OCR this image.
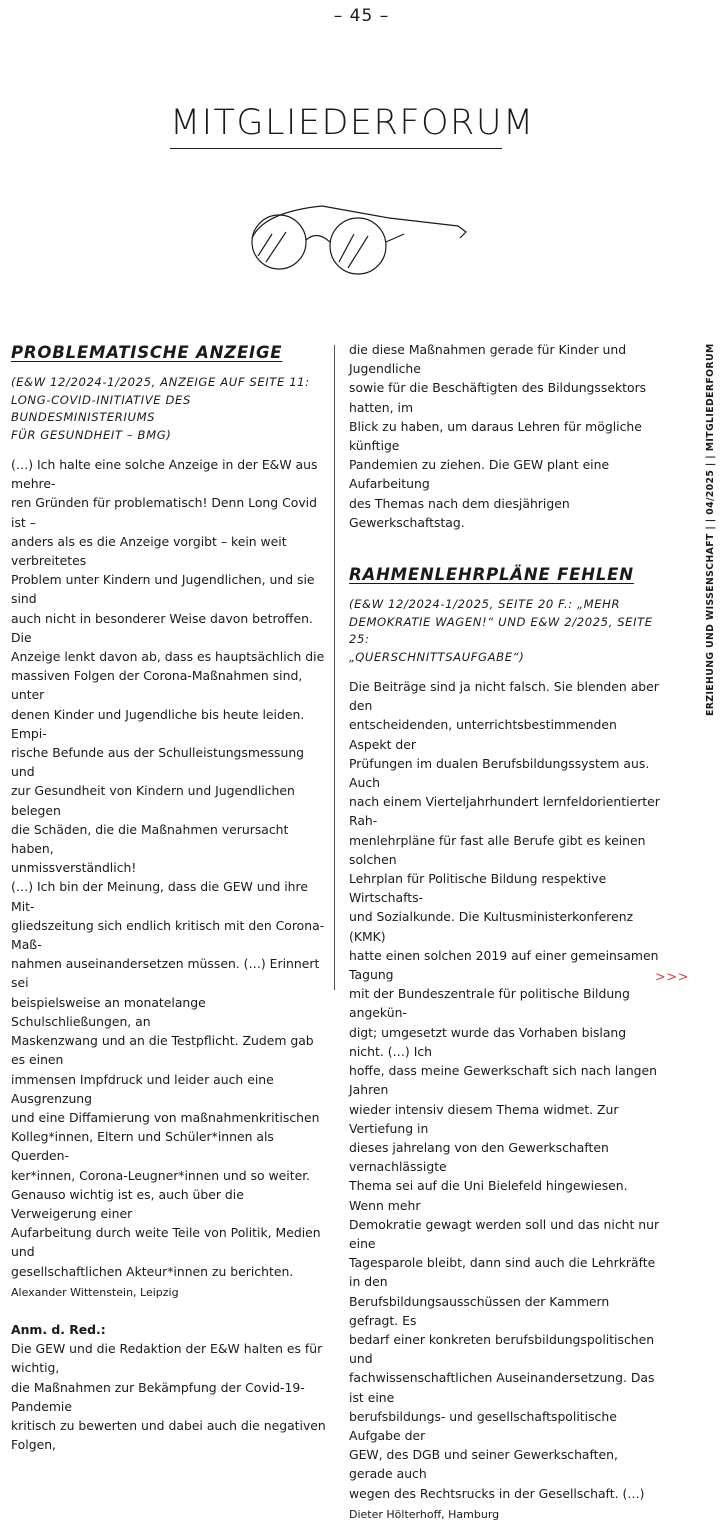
– 45 –
MITGLIEDERFORUM
PROBLEMATISCHE ANZEIGE

(E&W 12/2024-1/2025, ANZEIGE AUF SEITE 11:
LONG-COVID-INITIATIVE DES BUNDESMINISTERIUMS
FÜR GESUNDHEIT – BMG)

(…) Ich halte eine solche Anzeige in der E&W aus mehre-
ren Gründen für problematisch! Denn Long Covid ist –
anders als es die Anzeige vorgibt – kein weit verbreitetes
Problem unter Kindern und Jugendlichen, und sie sind
auch nicht in besonderer Weise davon betroffen. Die
Anzeige lenkt davon ab, dass es hauptsächlich die
massiven Folgen der Corona-Maßnahmen sind, unter
denen Kinder und Jugendliche bis heute leiden. Empi-
rische Befunde aus der Schulleistungsmessung und
zur Gesundheit von Kindern und Jugendlichen belegen
die Schäden, die die Maßnahmen verursacht haben,
unmissverständlich!

(…) Ich bin der Meinung, dass die GEW und ihre Mit-
gliedszeitung sich endlich kritisch mit den Corona-Maß-
nahmen auseinandersetzen müssen. (…) Erinnert sei
beispielsweise an monatelange Schulschließungen, an
Maskenzwang und an die Testpflicht. Zudem gab es einen
immensen Impfdruck und leider auch eine Ausgrenzung
und eine Diffamierung von maßnahmenkritischen
Kolleg*innen, Eltern und Schüler*innen als Querden-
ker*innen, Corona-Leugner*innen und so weiter.
Genauso wichtig ist es, auch über die Verweigerung einer
Aufarbeitung durch weite Teile von Politik, Medien und
gesellschaftlichen Akteur*innen zu berichten.

Alexander Wittenstein, Leipzig

Anm. d. Red.:

Die GEW und die Redaktion der E&W halten es für wichtig,
die Maßnahmen zur Bekämpfung der Covid-19-Pandemie
kritisch zu bewerten und dabei auch die negativen Folgen,

die diese Maßnahmen gerade für Kinder und Jugendliche
sowie für die Beschäftigten des Bildungssektors hatten, im
Blick zu haben, um daraus Lehren für mögliche künftige
Pandemien zu ziehen. Die GEW plant eine Aufarbeitung
des Themas nach dem diesjährigen Gewerkschaftstag.

RAHMENLEHRPLÄNE FEHLEN

(E&W 12/2024-1/2025, SEITE 20 F.: „MEHR
DEMOKRATIE WAGEN!“ UND E&W 2/2025, SEITE 25:
„QUERSCHNITTSAUFGABE“)

Die Beiträge sind ja nicht falsch. Sie blenden aber den
entscheidenden, unterrichtsbestimmenden Aspekt der
Prüfungen im dualen Berufsbildungssystem aus. Auch
nach einem Vierteljahrhundert lernfeldorientierter Rah-
menlehrpläne für fast alle Berufe gibt es keinen solchen
Lehrplan für Politische Bildung respektive Wirtschafts-
und Sozialkunde. Die Kultusministerkonferenz (KMK)
hatte einen solchen 2019 auf einer gemeinsamen Tagung
mit der Bundeszentrale für politische Bildung angekün-
digt; umgesetzt wurde das Vorhaben bislang nicht. (…) Ich
hoffe, dass meine Gewerkschaft sich nach langen Jahren
wieder intensiv diesem Thema widmet. Zur Vertiefung in
dieses jahrelang von den Gewerkschaften vernachlässigte
Thema sei auf die Uni Bielefeld hingewiesen. Wenn mehr
Demokratie gewagt werden soll und das nicht nur eine
Tagesparole bleibt, dann sind auch die Lehrkräfte in den
Berufsbildungsausschüssen der Kammern gefragt. Es
bedarf einer konkreten berufsbildungspolitischen und
fachwissenschaftlichen Auseinandersetzung. Das ist eine
berufsbildungs- und gesellschaftspolitische Aufgabe der
GEW, des DGB und seiner Gewerkschaften, gerade auch
wegen des Rechtsrucks in der Gesellschaft. (…)

Dieter Hölterhoff, Hamburg

ERZIEHUNG UND WISSENSCHAFT | | 04/2025 | | MITGLIEDERFORUM
>>>
